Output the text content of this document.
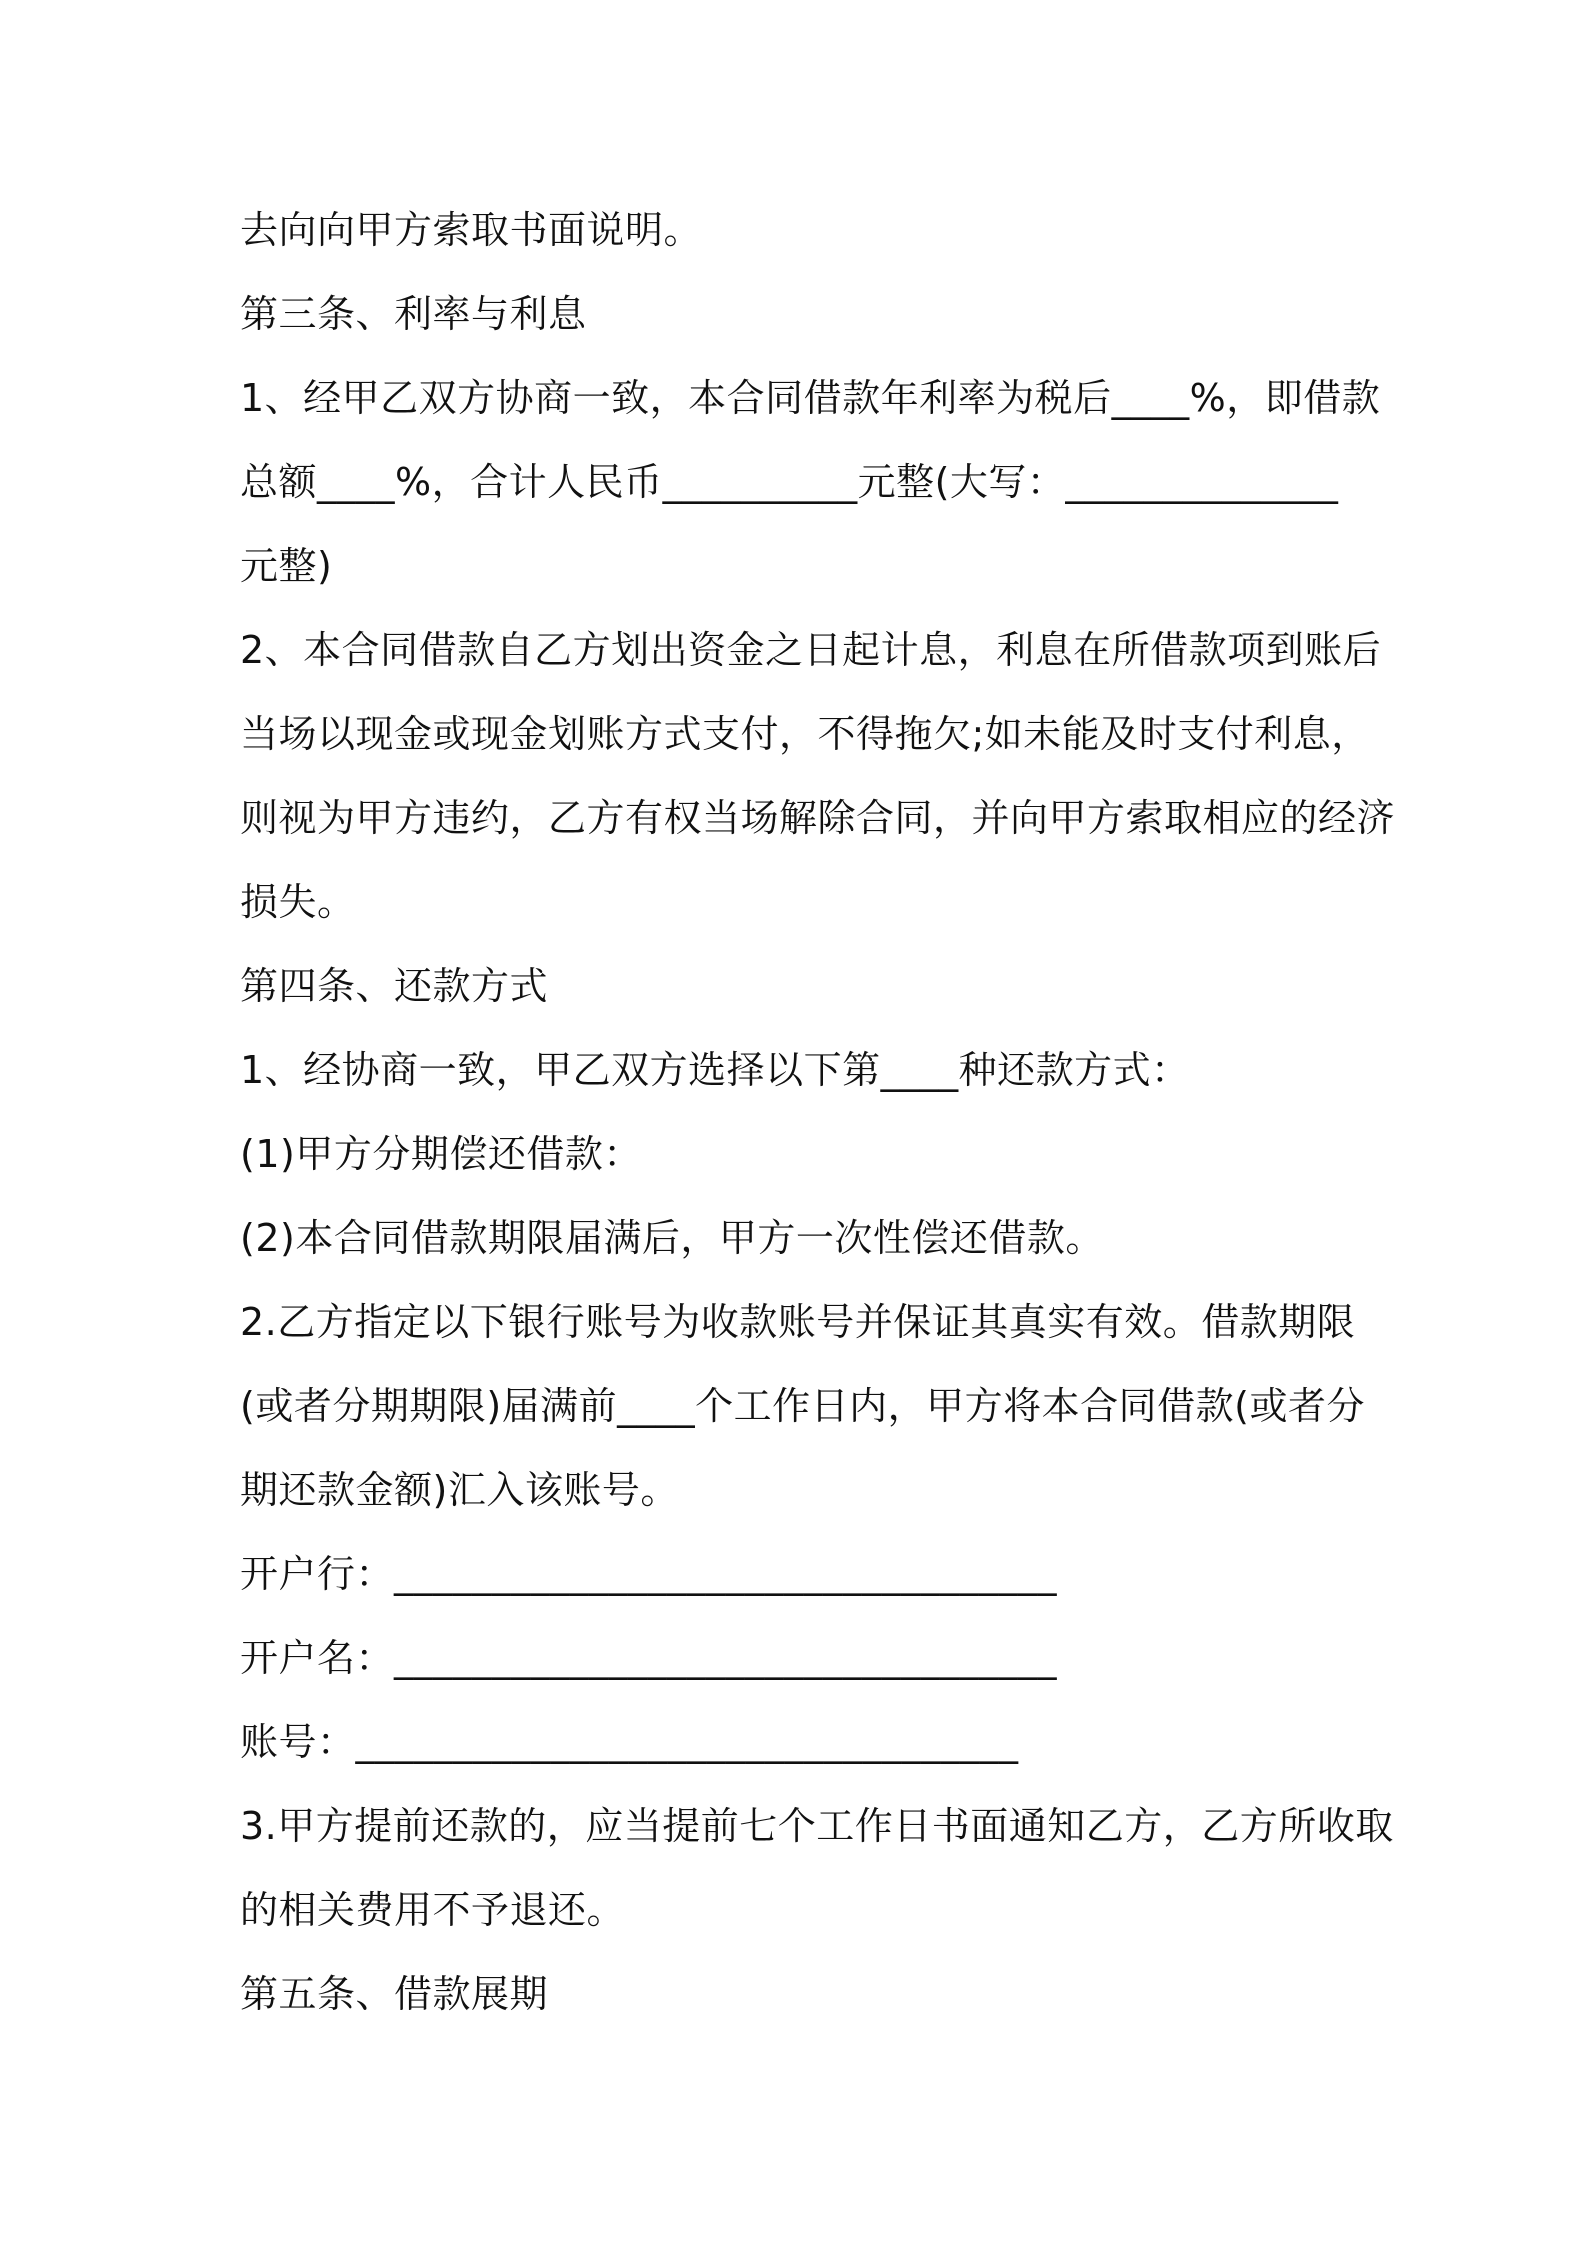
去向向甲方索取书面说明。
第三条、利率与利息
1、经甲乙双方协商一致，本合同借款年利率为税后____%，即借款
总额____%，合计人民币__________元整(大写：______________
元整)
2、本合同借款自乙方划出资金之日起计息，利息在所借款项到账后
当场以现金或现金划账方式支付，不得拖欠;如未能及时支付利息，
则视为甲方违约，乙方有权当场解除合同，并向甲方索取相应的经济
损失。
第四条、还款方式
1、经协商一致，甲乙双方选择以下第____种还款方式：
(1)甲方分期偿还借款：
(2)本合同借款期限届满后，甲方一次性偿还借款。
2.乙方指定以下银行账号为收款账号并保证其真实有效。借款期限
(或者分期期限)届满前____个工作日内，甲方将本合同借款(或者分
期还款金额)汇入该账号。
开户行：__________________________________
开户名：__________________________________
账号：__________________________________
3.甲方提前还款的，应当提前七个工作日书面通知乙方，乙方所收取
的相关费用不予退还。
第五条、借款展期
